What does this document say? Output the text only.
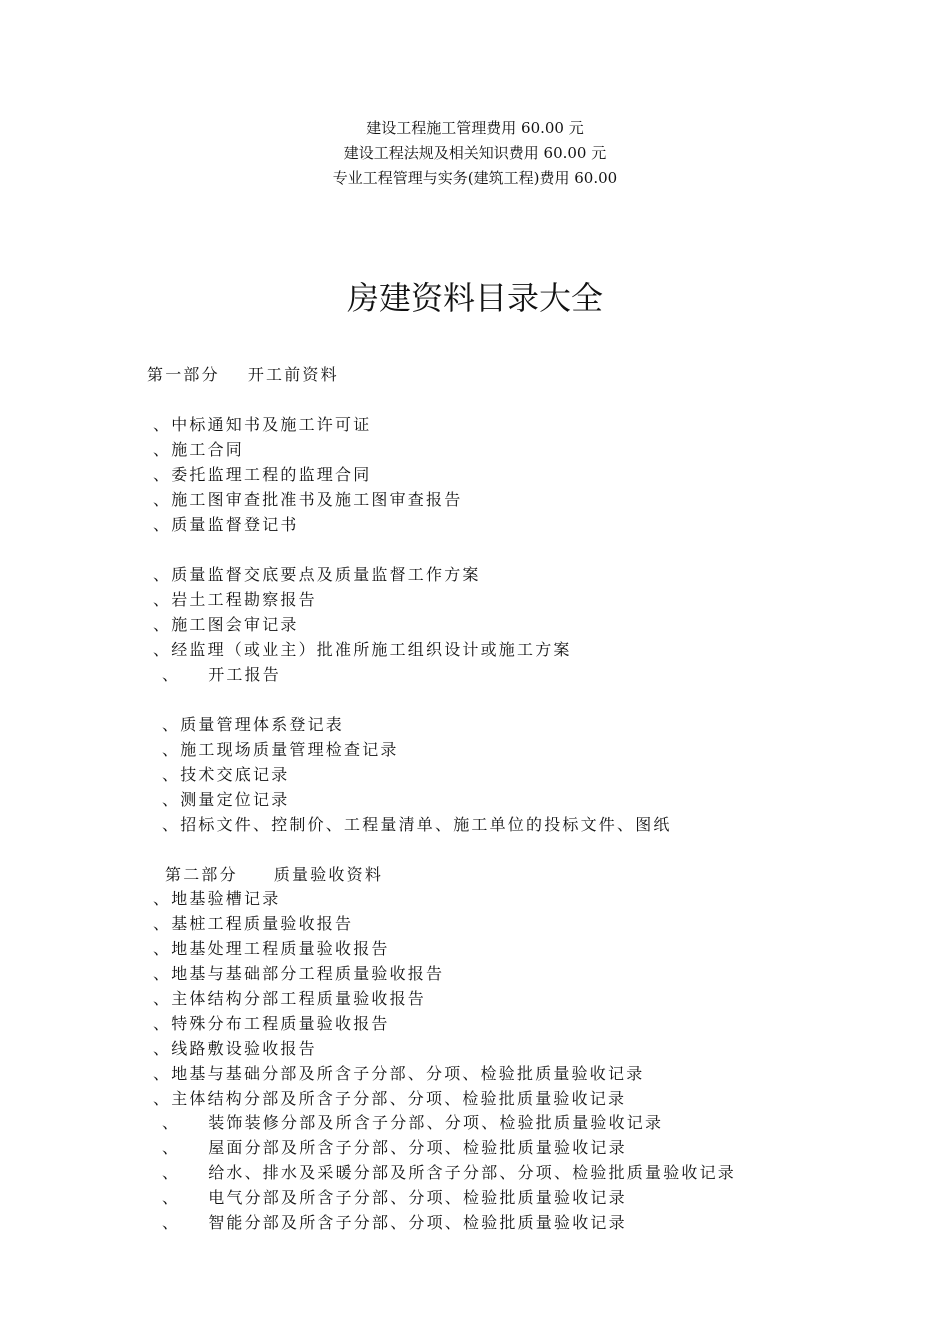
建设工程施工管理费用 60.00 元
建设工程法规及相关知识费用 60.00 元
专业工程管理与实务(建筑工程)费用 60.00
房建资料目录大全
第一部分 开工前资料
、中标通知书及施工许可证
、施工合同
、委托监理工程的监理合同
、施工图审查批准书及施工图审查报告
、质量监督登记书
、质量监督交底要点及质量监督工作方案
、岩土工程勘察报告
、施工图会审记录
、经监理（或业主）批准所施工组织设计或施工方案
、 开工报告
、质量管理体系登记表
、施工现场质量管理检查记录
、技术交底记录
、测量定位记录
、招标文件、控制价、工程量清单、施工单位的投标文件、图纸
第二部分 质量验收资料
、地基验槽记录
、基桩工程质量验收报告
、地基处理工程质量验收报告
、地基与基础部分工程质量验收报告
、主体结构分部工程质量验收报告
、特殊分布工程质量验收报告
、线路敷设验收报告
、地基与基础分部及所含子分部、分项、检验批质量验收记录
、主体结构分部及所含子分部、分项、检验批质量验收记录
、 装饰装修分部及所含子分部、分项、检验批质量验收记录
、 屋面分部及所含子分部、分项、检验批质量验收记录
、 给水、排水及采暖分部及所含子分部、分项、检验批质量验收记录
、 电气分部及所含子分部、分项、检验批质量验收记录
、 智能分部及所含子分部、分项、检验批质量验收记录
